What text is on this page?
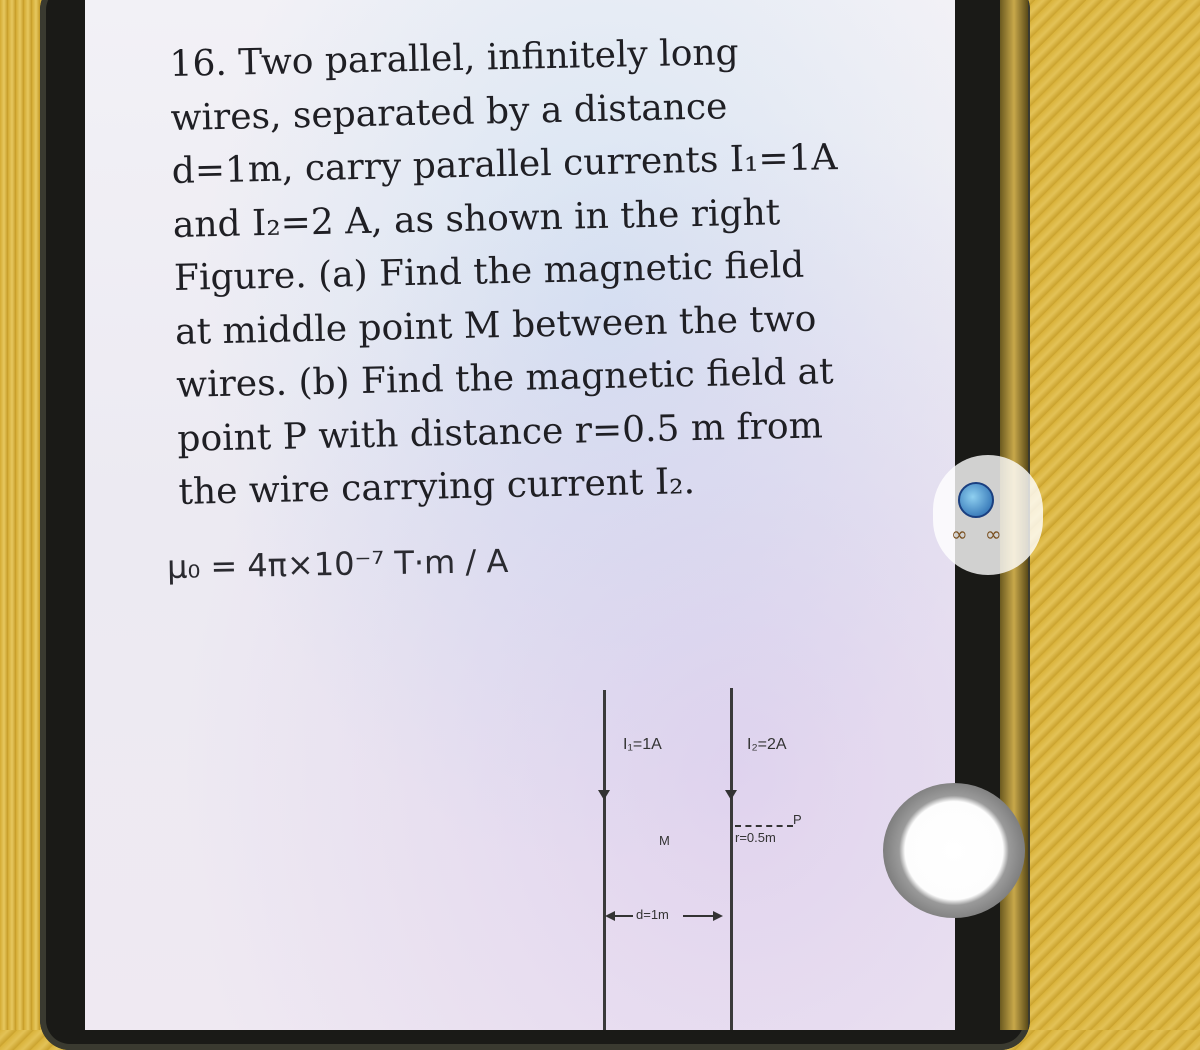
16. Two parallel, infinitely long

wires, separated by a distance

d=1m, carry parallel currents I₁=1A

and I₂=2 A, as shown in the right

Figure. (a) Find the magnetic field

at middle point M between the two

wires. (b) Find the magnetic field at

point P with distance r=0.5 m from

the wire carrying current I₂.

μ₀ = 4π×10⁻⁷ T·m / A
I₁=1A	I₂=2A
M
P
r=0.5m
d=1m
∞ ∞
